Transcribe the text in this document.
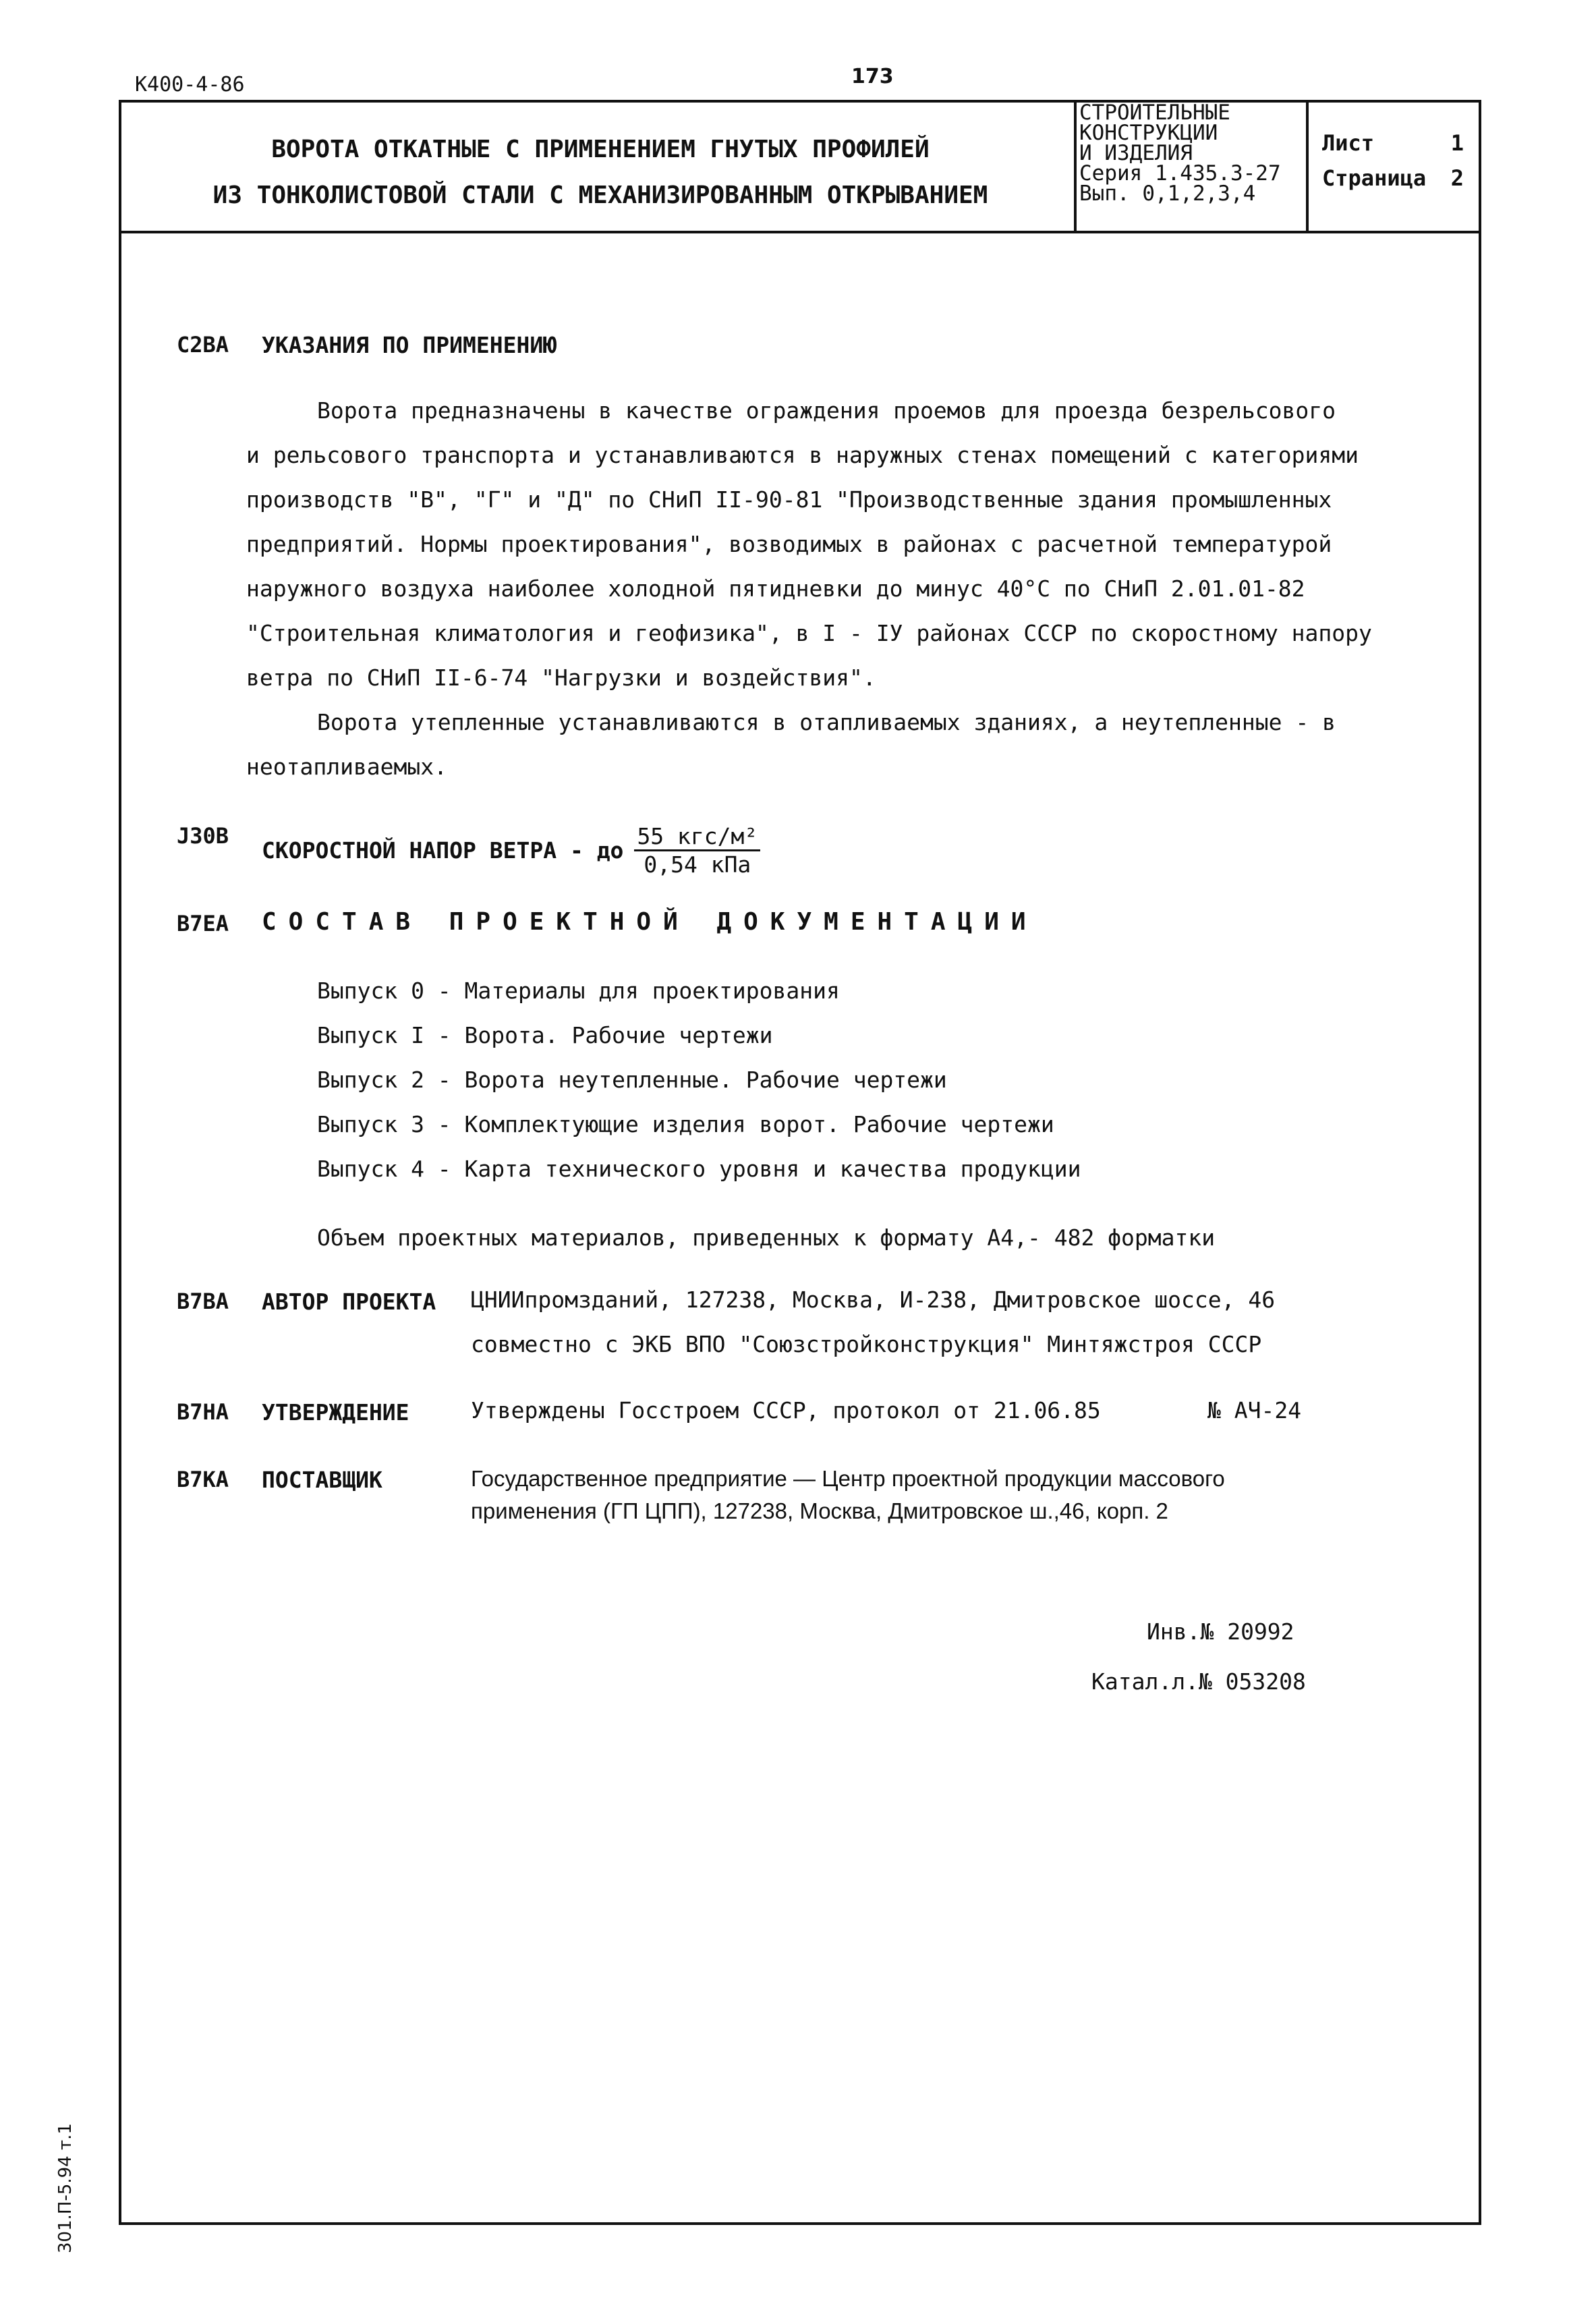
К400-4-86	173
ВОРОТА ОТКАТНЫЕ С ПРИМЕНЕНИЕМ ГНУТЫХ ПРОФИЛЕЙ
ИЗ ТОНКОЛИСТОВОЙ СТАЛИ С МЕХАНИЗИРОВАННЫМ ОТКРЫВАНИЕМ
СТРОИТЕЛЬНЫЕ
КОНСТРУКЦИИ
И ИЗДЕЛИЯ
Серия 1.435.3-27
Вып. 0,1,2,3,4
Лист	1
Страница 2
С2ВА УКАЗАНИЯ ПО ПРИМЕНЕНИЮ
Ворота предназначены в качестве ограждения проемов для проезда безрельсового
и рельсового транспорта и устанавливаются в наружных стенах помещений с категориями
производств "В", "Г" и "Д" по СНиП II-90-81 "Производственные здания промышленных
предприятий. Нормы проектирования", возводимых в районах с расчетной температурой
наружного воздуха наиболее холодной пятидневки до минус 40°С по СНиП 2.01.01-82
"Строительная климатология и геофизика", в I - IУ районах СССР по скоростному напору
ветра по СНиП II-6-74 "Нагрузки и воздействия".
Ворота утепленные устанавливаются в отапливаемых зданиях, а неутепленные - в
неотапливаемых.
J30B
СКОРОСТНОЙ НАПОР ВЕТРА - до $\frac{\text{55 кгс/м²}}{\text{0,54 кПа}}$
В7ЕА СОСТАВ ПРОЕКТНОЙ ДОКУМЕНТАЦИИ
Выпуск 0 - Материалы для проектирования
Выпуск I - Ворота. Рабочие чертежи
Выпуск 2 - Ворота неутепленные. Рабочие чертежи
Выпуск 3 - Комплектующие изделия ворот. Рабочие чертежи
Выпуск 4 - Карта технического уровня и качества продукции
Объем проектных материалов, приведенных к формату А4,- 482 форматки
В7ВА АВТОР ПРОЕКТА ЦНИИпромзданий, 127238, Москва, И-238, Дмитровское шоссе, 46
совместно с ЭКБ ВПО "Союзстройконструкция" Минтяжстроя СССР
В7НА УТВЕРЖДЕНИЕ	Утверждены Госстроем СССР, протокол от 21.06.85	№ АЧ-24
В7КА ПОСТАВЩИК	Государственное предприятие — Центр проектной продукции массового
применения (ГП ЦПП), 127238, Москва, Дмитровское ш.,46, корп. 2
Инв.№ 20992
Катал.л.№ 053208
301.П-5.94 т.1
